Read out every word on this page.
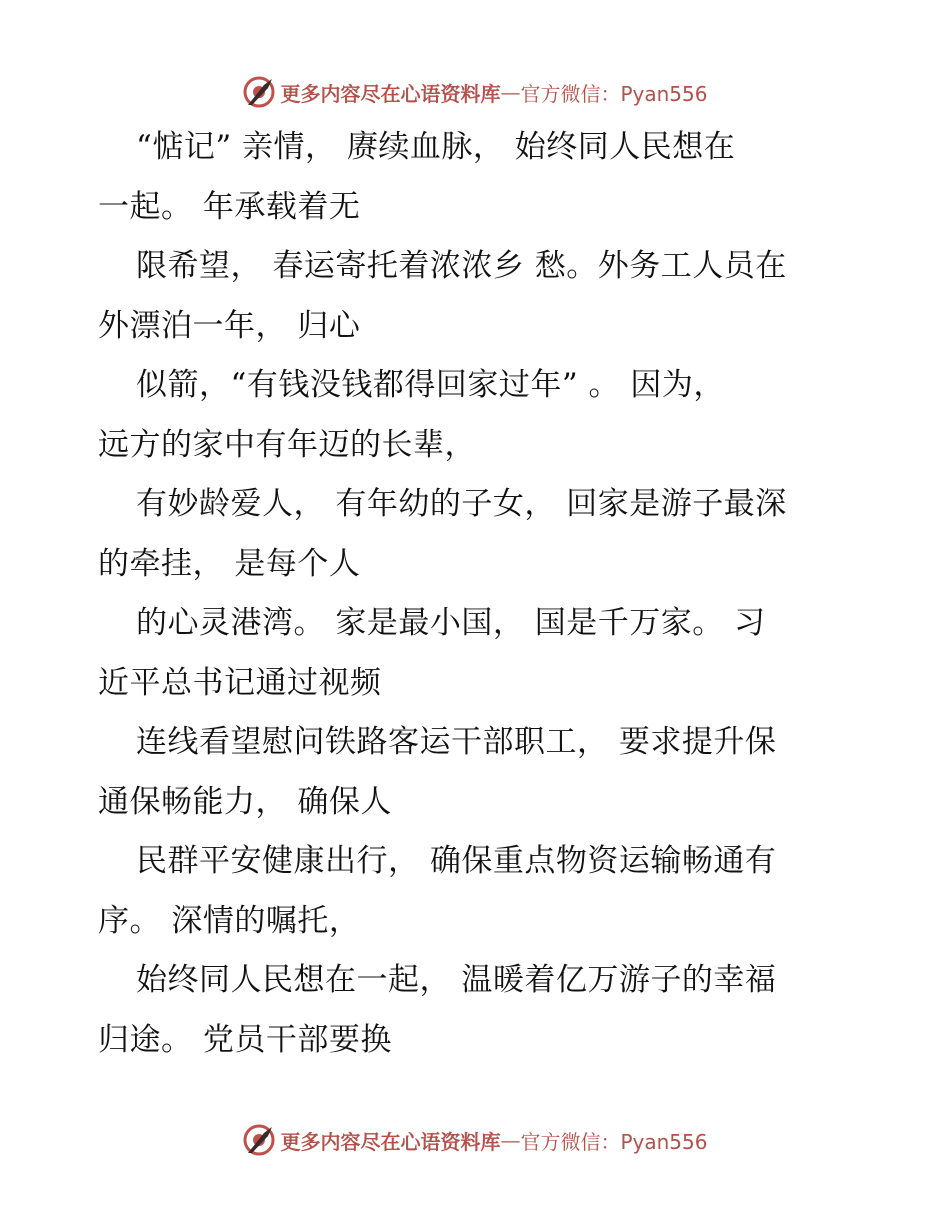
更多内容尽在心语资料库 — 官方微信：Pyan556
“惦记” 亲情， 赓续血脉， 始终同人民想在
一起。 年承载着无
限希望， 春运寄托着浓浓乡 愁。外务工人员在
外漂泊一年， 归心
似箭，“有钱没钱都得回家过年” 。 因为，
远方的家中有年迈的长辈，
有妙龄爱人， 有年幼的子女， 回家是游子最深
的牵挂， 是每个人
的心灵港湾。 家是最小国， 国是千万家。 习
近平总书记通过视频
连线看望慰问铁路客运干部职工， 要求提升保
通保畅能力， 确保人
民群平安健康出行， 确保重点物资运输畅通有
序。 深情的嘱托，
始终同人民想在一起， 温暖着亿万游子的幸福
归途。 党员干部要换
更多内容尽在心语资料库 — 官方微信：Pyan556
